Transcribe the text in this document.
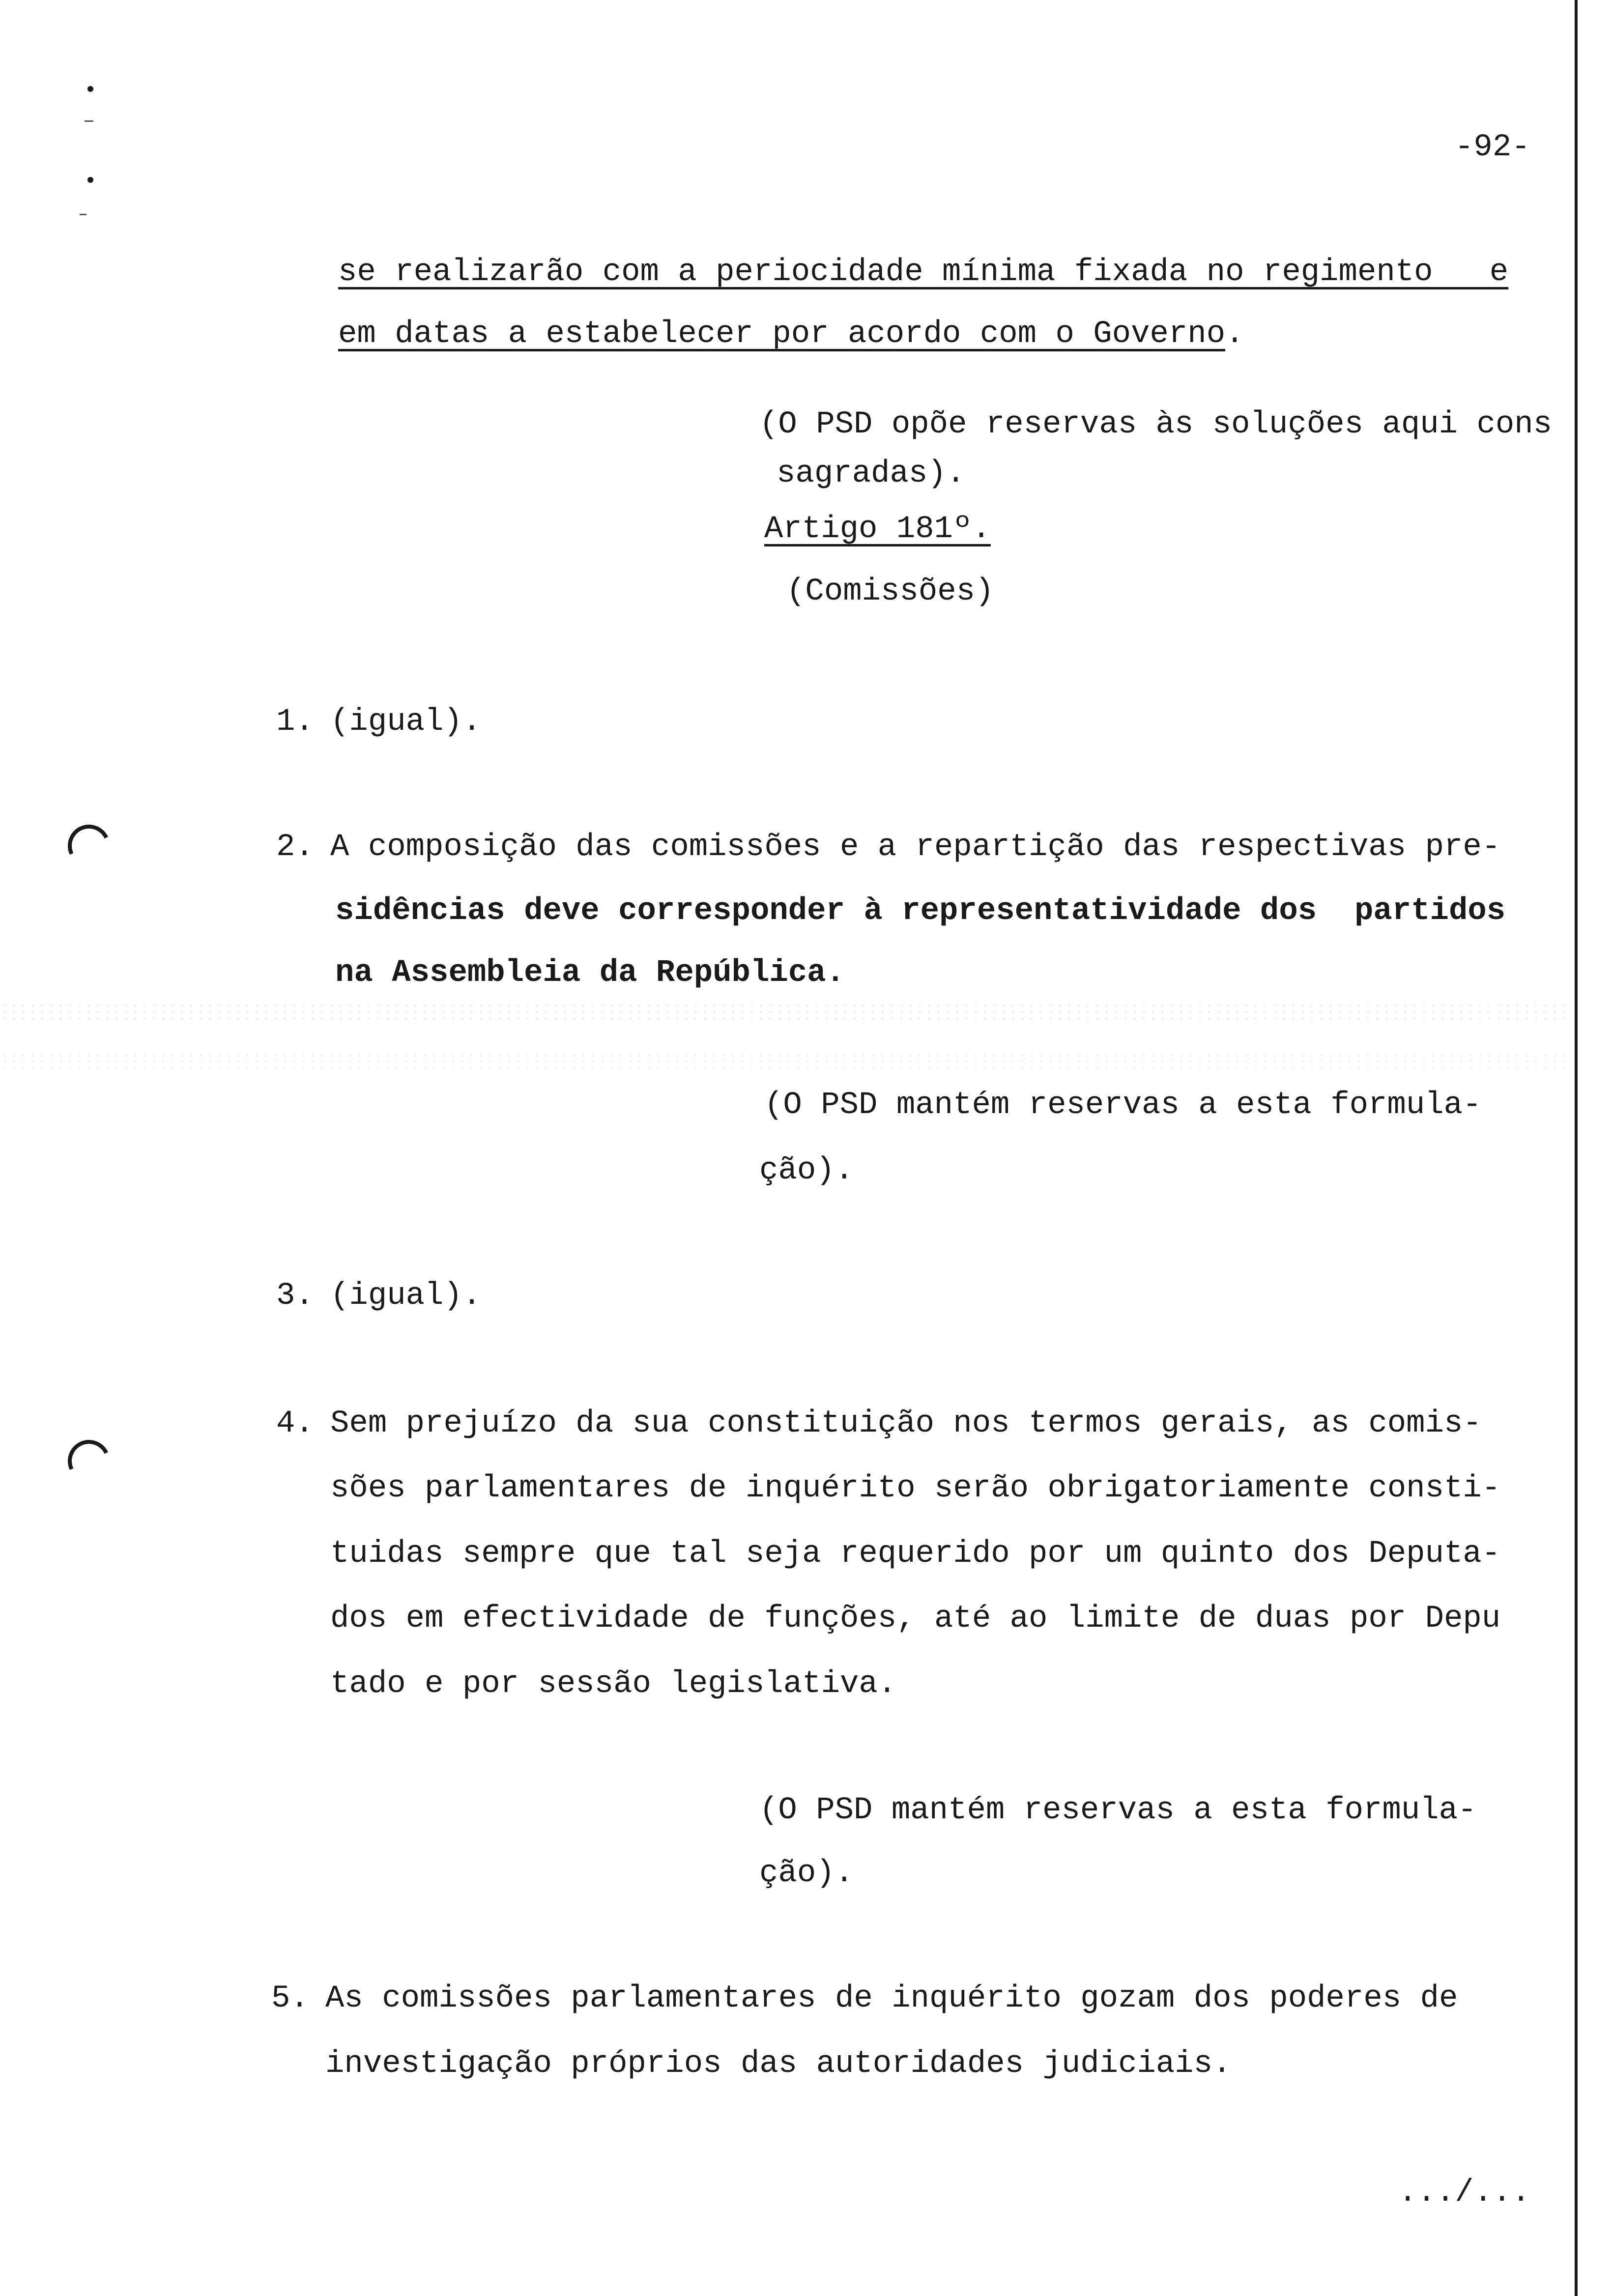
-92-
se realizarão com a periocidade mínima fixada no regimento   e
em datas a estabelecer por acordo com o Governo.
(O PSD opõe reservas às soluções aqui cons
sagradas).
Artigo 181º.
(Comissões)
1. (igual).
2. A composição das comissões e a repartição das respectivas pre-
sidências deve corresponder à representatividade dos  partidos
na Assembleia da República.
(O PSD mantém reservas a esta formula-
ção).
3. (igual).
4. Sem prejuízo da sua constituição nos termos gerais, as comis-
sões parlamentares de inquérito serão obrigatoriamente consti-
tuidas sempre que tal seja requerido por um quinto dos Deputa-
dos em efectividade de funções, até ao limite de duas por Depu
tado e por sessão legislativa.
(O PSD mantém reservas a esta formula-
ção).
5. As comissões parlamentares de inquérito gozam dos poderes de
investigação próprios das autoridades judiciais.
.../...
